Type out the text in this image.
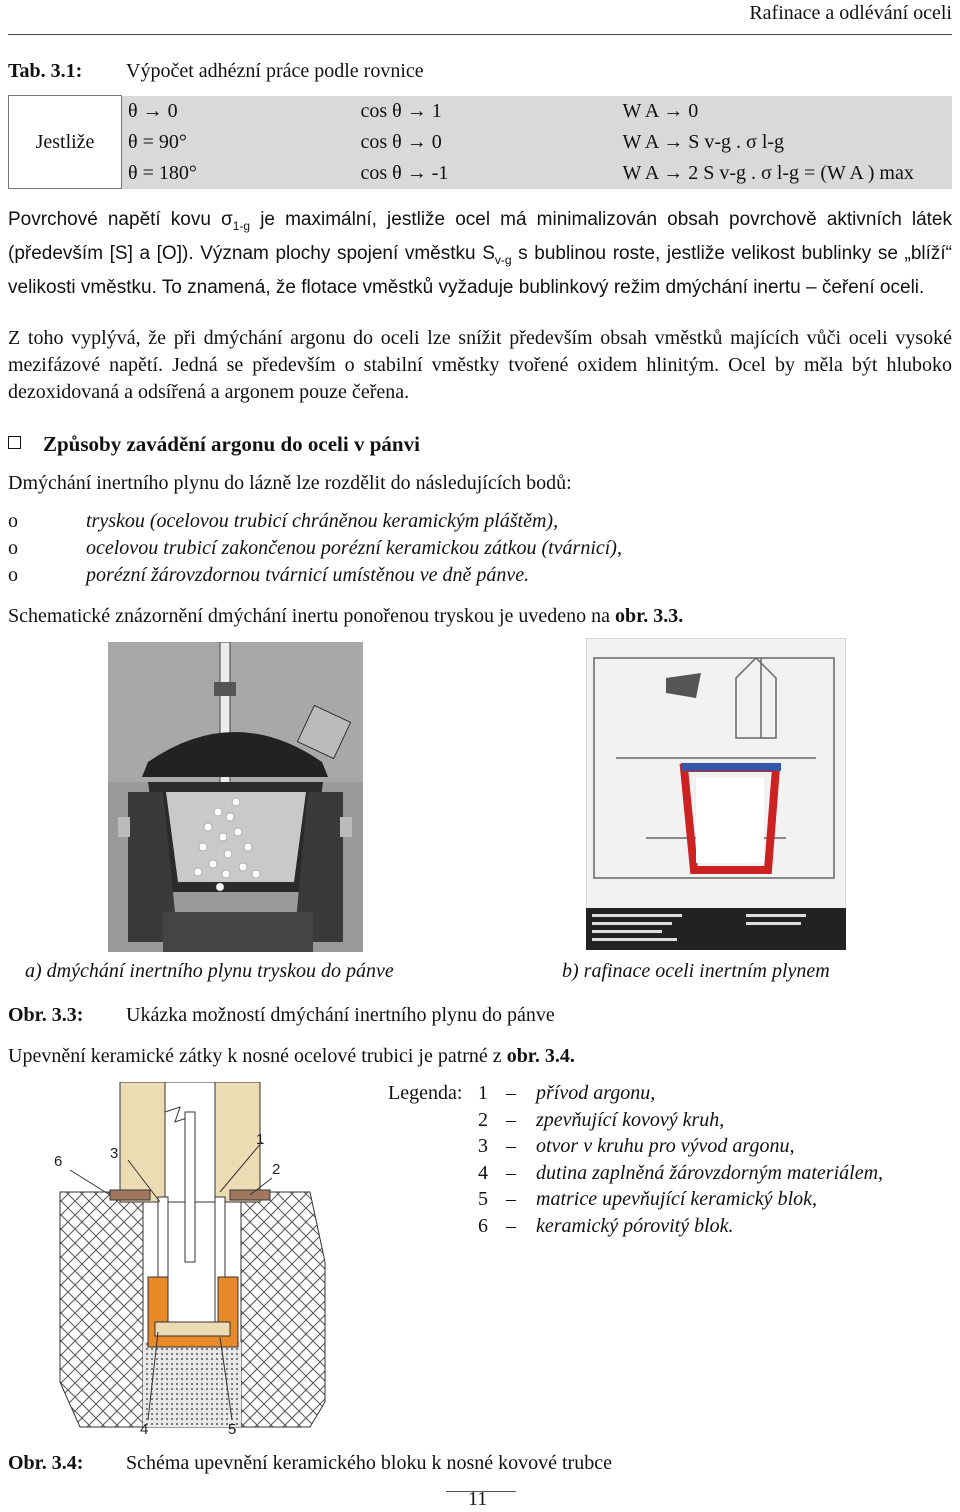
Rafinace a odlévání oceli
Tab. 3.1: Výpočet adhézní práce podle rovnice
Jestliže	θ → 0	cos θ → 1	W A → 0
	θ = 90°	cos θ → 0	W A → S v-g . σ l-g
	θ = 180°	cos θ → -1	W A → 2 S v-g . σ l-g = (W A ) max
Povrchové napětí kovu $\sigma_{1-g}$ je maximální, jestliže ocel má minimalizován obsah povrchově aktivních látek (především [S] a [O]). Význam plochy spojení vměstku $S_{v-g}$ s bublinou roste, jestliže velikost bublinky se „blíží“ velikosti vměstku. To znamená, že flotace vměstků vyžaduje bublinkový režim dmýchání inertu – čeření oceli.
Z toho vyplývá, že při dmýchání argonu do oceli lze snížit především obsah vměstků majících vůči oceli vysoké mezifázové napětí. Jedná se především o stabilní vměstky tvořené oxidem hlinitým. Ocel by měla být hluboko dezoxidovaná a odsířená a argonem pouze čeřena.
Způsoby zavádění argonu do oceli v pánvi
Dmýchání inertního plynu do lázně lze rozdělit do následujících bodů:
o	tryskou (ocelovou trubicí chráněnou keramickým pláštěm),
o	ocelovou trubicí zakončenou porézní keramickou zátkou (tvárnicí),
o	porézní žárovzdornou tvárnicí umístěnou ve dně pánve.
Schematické znázornění dmýchání inertu ponořenou tryskou je uvedeno na obr. 3.3.
a) dmýchání inertního plynu tryskou do pánve	b) rafinace oceli inertním plynem
Obr. 3.3: Ukázka možností dmýchání inertního plynu do pánve
Upevnění keramické zátky k nosné ocelové trubici je patrné z obr. 3.4.
6	3
1
2
4	5
Legenda: 1 –	přívod argonu,
2 –	zpevňující kovový kruh,
3 –	otvor v kruhu pro vývod argonu,
4 –	dutina zaplněná žárovzdorným materiálem,
5 –	matrice upevňující keramický blok,
6 –	keramický pórovitý blok.
Obr. 3.4: Schéma upevnění keramického bloku k nosné kovové trubce
11
